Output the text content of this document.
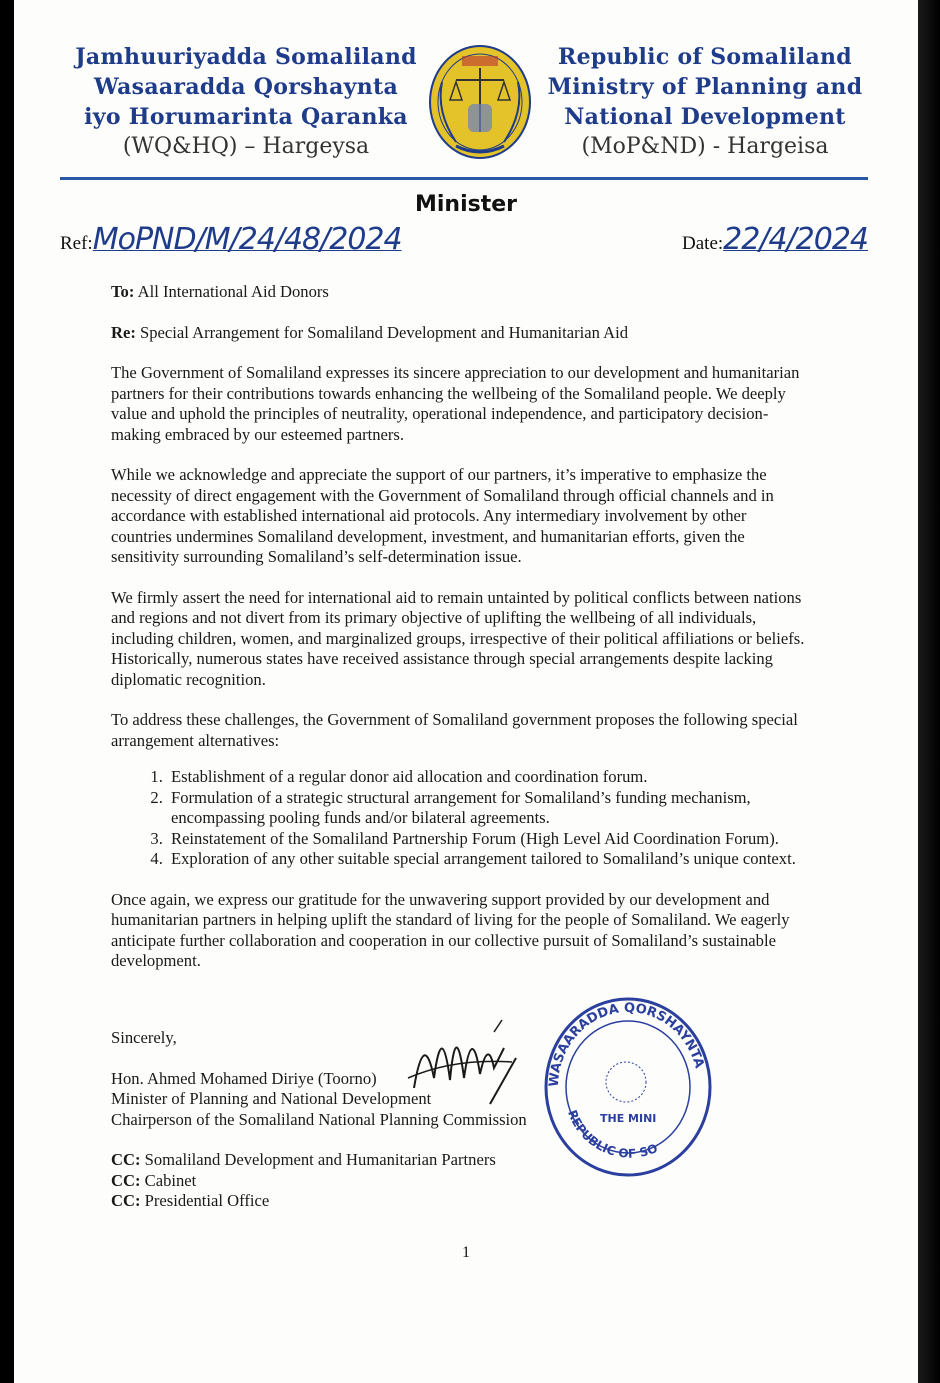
Jamhuuriyadda Somaliland
Wasaaradda Qorshaynta
iyo Horumarinta Qaranka
(WQ&HQ) – Hargeysa
Republic of Somaliland
Ministry of Planning and
National Development
(MoP&ND) - Hargeisa
Minister
Ref:MoPND/M/24/48/2024	Date:22/4/2024

To: All International Aid Donors

Re: Special Arrangement for Somaliland Development and Humanitarian Aid

The Government of Somaliland expresses its sincere appreciation to our development and humanitarian partners for their contributions towards enhancing the wellbeing of the Somaliland people. We deeply value and uphold the principles of neutrality, operational independence, and participatory decision-making embraced by our esteemed partners.

While we acknowledge and appreciate the support of our partners, it’s imperative to emphasize the necessity of direct engagement with the Government of Somaliland through official channels and in accordance with established international aid protocols. Any intermediary involvement by other countries undermines Somaliland development, investment, and humanitarian efforts, given the sensitivity surrounding Somaliland’s self-determination issue.

We firmly assert the need for international aid to remain untainted by political conflicts between nations and regions and not divert from its primary objective of uplifting the wellbeing of all individuals, including children, women, and marginalized groups, irrespective of their political affiliations or beliefs. Historically, numerous states have received assistance through special arrangements despite lacking diplomatic recognition.

To address these challenges, the Government of Somaliland government proposes the following special arrangement alternatives:

1. Establishment of a regular donor aid allocation and coordination forum.
2. Formulation of a strategic structural arrangement for Somaliland’s funding mechanism, encompassing pooling funds and/or bilateral agreements.
3. Reinstatement of the Somaliland Partnership Forum (High Level Aid Coordination Forum).
4. Exploration of any other suitable special arrangement tailored to Somaliland’s unique context.

Once again, we express our gratitude for the unwavering support provided by our development and humanitarian partners in helping uplift the standard of living for the people of Somaliland. We eagerly anticipate further collaboration and cooperation in our collective pursuit of Somaliland’s sustainable development.

Sincerely,
Hon. Ahmed Mohamed Diriye (Toorno)
Minister of Planning and National Development
Chairperson of the Somaliland National Planning Commission
WASAARADDA QORSHAYNTA
REPUBLIC OF SO
THE MINI
CC: Somaliland Development and Humanitarian Partners
CC: Cabinet
CC: Presidential Office
1
